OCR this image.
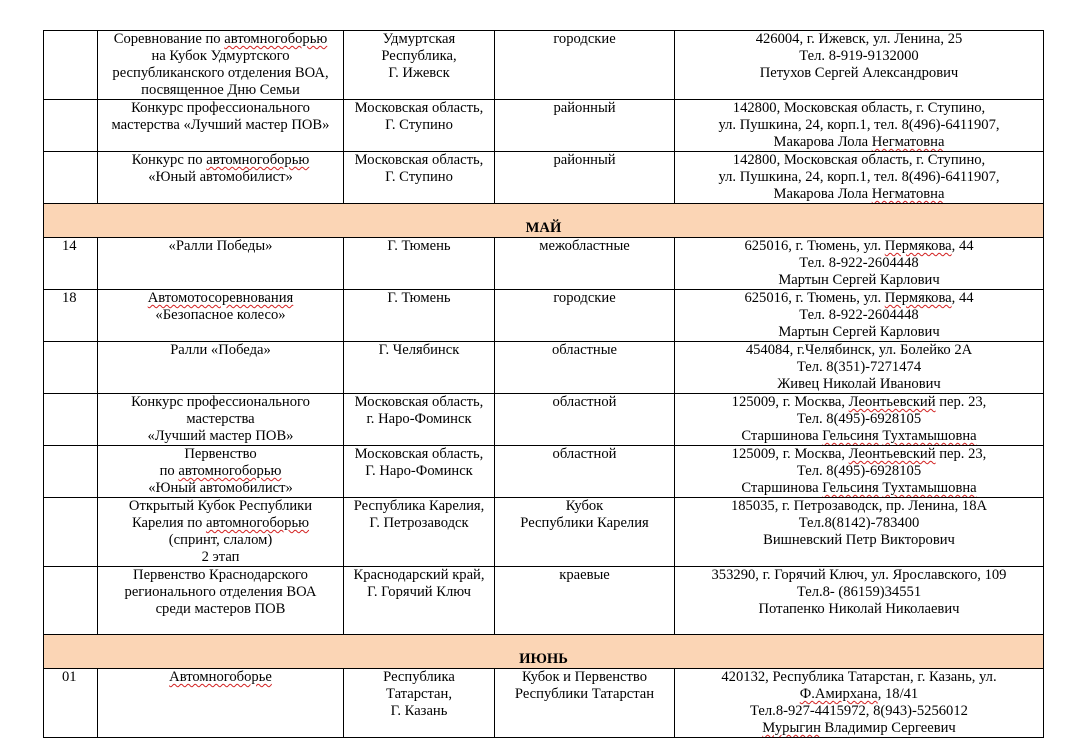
	Соревнование по автомногоборью
на Кубок Удмуртского
республиканского отделения ВОА,
посвященное Дню Семьи	Удмуртская
Республика,
Г. Ижевск	городские	426004, г. Ижевск, ул. Ленина, 25
Тел. 8-919-9132000
Петухов Сергей Александрович

	Конкурс профессионального
мастерства «Лучший мастер ПОВ»	Московская область,
Г. Ступино	районный	142800, Московская область, г. Ступино,
ул. Пушкина, 24, корп.1, тел. 8(496)-6411907,
Макарова Лола Негматовна

	Конкурс по автомногоборью
«Юный автомобилист»	Московская область,
Г. Ступино	районный	142800, Московская область, г. Ступино,
ул. Пушкина, 24, корп.1, тел. 8(496)-6411907,
Макарова Лола Негматовна

МАЙ				
14	«Ралли Победы»	Г. Тюмень	межобластные	625016, г. Тюмень, ул. Пермякова, 44
Тел. 8-922-2604448
Мартын Сергей Карлович

18	Автомотосоревнования
«Безопасное колесо»	Г. Тюмень	городские	625016, г. Тюмень, ул. Пермякова, 44
Тел. 8-922-2604448
Мартын Сергей Карлович

	Ралли «Победа»	Г. Челябинск	областные	454084, г.Челябинск, ул. Болейко 2А
Тел. 8(351)-7271474
Живец Николай Иванович

	Конкурс профессионального
мастерства
«Лучший мастер ПОВ»	Московская область,
г. Наро-Фоминск	областной	125009, г. Москва, Леонтьевский пер. 23,
Тел. 8(495)-6928105
Старшинова Гельсиня Тухтамышовна

	Первенство
по автомногоборью
«Юный автомобилист»	Московская область,
Г. Наро-Фоминск	областной	125009, г. Москва, Леонтьевский пер. 23,
Тел. 8(495)-6928105
Старшинова Гельсиня Тухтамышовна

	Открытый Кубок Республики
Карелия по автомногоборью
(спринт, слалом)
2 этап	Республика Карелия,
Г. Петрозаводск	Кубок
Республики Карелия	185035, г. Петрозаводск, пр. Ленина, 18А
Тел.8(8142)-783400
Вишневский Петр Викторович

	Первенство Краснодарского
регионального отделения ВОА
среди мастеров ПОВ	Краснодарский край,
Г. Горячий Ключ	краевые	353290, г. Горячий Ключ, ул. Ярославского, 109
Тел.8- (86159)34551
Потапенко Николай Николаевич

ИЮНЬ				
01	Автомногоборье	Республика
Татарстан,
Г. Казань	Кубок и Первенство
Республики Татарстан	420132, Республика Татарстан, г. Казань, ул.
Ф.Амирхана, 18/41
Тел.8-927-4415972, 8(943)-5256012
Мурыгин Владимир Сергеевич
